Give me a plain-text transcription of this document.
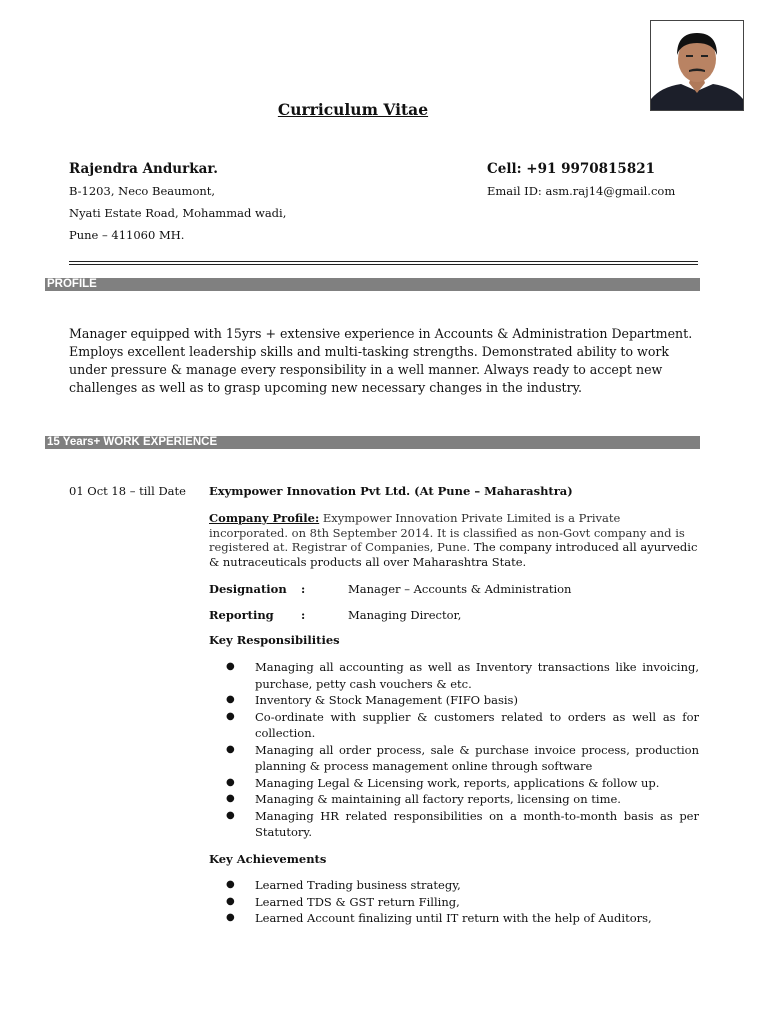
Curriculum Vitae
Rajendra Andurkar.	Cell: +91 9970815821
B-1203, Neco Beaumont,
Nyati Estate Road, Mohammad wadi,
Pune – 411060 MH.
Email ID: asm.raj14@gmail.com
PROFILE
Manager equipped with 15yrs + extensive experience in Accounts & Administration Department. Employs excellent leadership skills and multi-tasking strengths. Demonstrated ability to work under pressure & manage every responsibility in a well manner. Always ready to accept new challenges as well as to grasp upcoming new necessary changes in the industry.
15 Years+ WORK EXPERIENCE
01 Oct 18 – till Date Exympower Innovation Pvt Ltd. (At Pune – Maharashtra)
Company Profile: Exympower Innovation Private Limited is a Private incorporated. on 8th September 2014. It is classified as non-Govt company and is registered at. Registrar of Companies, Pune. The company introduced all ayurvedic & nutraceuticals products all over Maharashtra State.
Designation :	Manager – Accounts & Administration
Reporting :	Managing Director,
Key Responsibilities
● Managing all accounting as well as Inventory transactions like invoicing, purchase, petty cash vouchers & etc.
● Inventory & Stock Management (FIFO basis)
● Co-ordinate with supplier & customers related to orders as well as for collection.
● Managing all order process, sale & purchase invoice process, production planning & process management online through software
● Managing Legal & Licensing work, reports, applications & follow up.
● Managing & maintaining all factory reports, licensing on time.
● Managing HR related responsibilities on a month-to-month basis as per Statutory.
Key Achievements
● Learned Trading business strategy,
● Learned TDS & GST return Filling,
● Learned Account finalizing until IT return with the help of Auditors,
